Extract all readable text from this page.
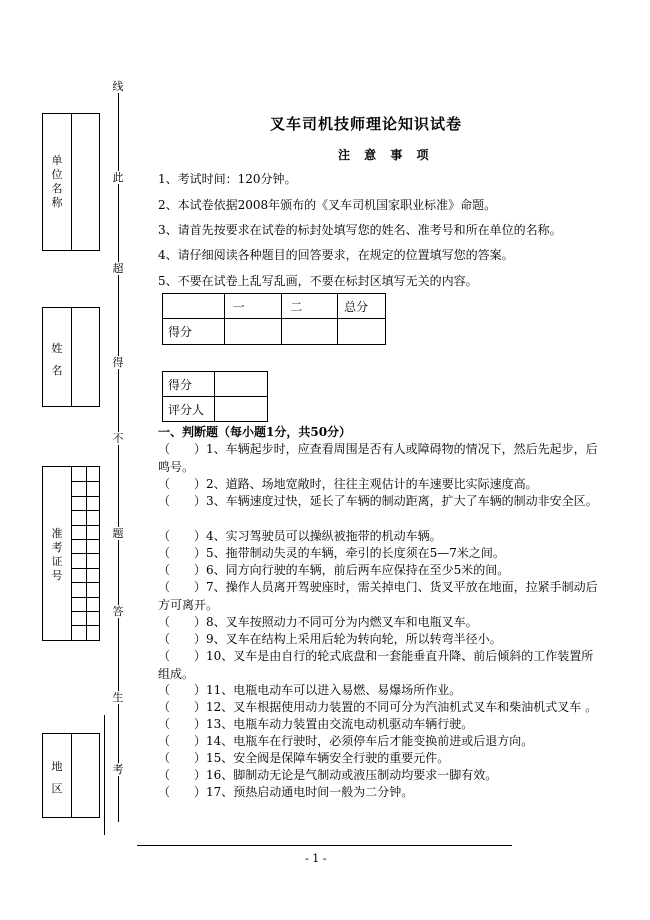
单位名称
姓名
准考证号
地区
线
此
超
得
不
题
答
生
考
叉车司机技师理论知识试卷
注 意 事 项
1、考试时间：120分钟。
2、本试卷依据2008年颁布的《叉车司机国家职业标准》命题。
3、请首先按要求在试卷的标封处填写您的姓名、准考号和所在单位的名称。
4、请仔细阅读各种题目的回答要求，在规定的位置填写您的答案。
5、不要在试卷上乱写乱画，不要在标封区填写无关的内容。
	一	二	总分
得分			
得分	
评分人	
一、判断题（每小题1分，共50分）
（　　）1、车辆起步时，应查看周围是否有人或障碍物的情况下，然后先起步，后鸣号。
（　　）2、道路、场地宽敞时，往往主观估计的车速要比实际速度高。
（　　）3、车辆速度过快，延长了车辆的制动距离，扩大了车辆的制动非安全区。
（　　）4、实习驾驶员可以操纵被拖带的机动车辆。
（　　）5、拖带制动失灵的车辆，牵引的长度须在5—7米之间。
（　　）6、同方向行驶的车辆，前后两车应保持在至少5米的间。
（　　）7、操作人员离开驾驶座时，需关掉电门、货叉平放在地面，拉紧手制动后方可离开。
（　　）8、叉车按照动力不同可分为内燃叉车和电瓶叉车。
（　　）9、叉车在结构上采用后轮为转向轮，所以转弯半径小。
（　　）10、叉车是由自行的轮式底盘和一套能垂直升降、前后倾斜的工作装置所组成。
（　　）11、电瓶电动车可以进入易燃、易爆场所作业。
（　　）12、叉车根据使用动力装置的不同可分为汽油机式叉车和柴油机式叉车 。
（　　）13、电瓶车动力装置由交流电动机驱动车辆行驶。
（　　）14、电瓶车在行驶时，必须停车后才能变换前进或后退方向。
（　　）15、安全阀是保障车辆安全行驶的重要元件。
（　　）16、脚制动无论是气制动或液压制动均要求一脚有效。
（　　）17、预热启动通电时间一般为二分钟。
- 1 -
